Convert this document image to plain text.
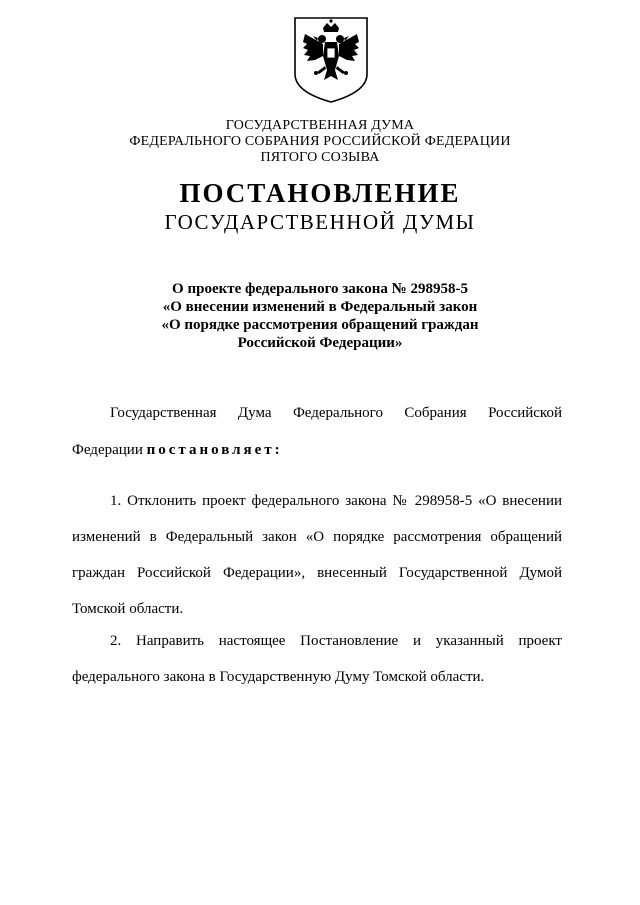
ГОСУДАРСТВЕННАЯ ДУМА
ФЕДЕРАЛЬНОГО СОБРАНИЯ РОССИЙСКОЙ ФЕДЕРАЦИИ
ПЯТОГО СОЗЫВА
ПОСТАНОВЛЕНИЕ
ГОСУДАРСТВЕННОЙ ДУМЫ
О проекте федерального закона № 298958-5
«О внесении изменений в Федеральный закон
«О порядке рассмотрения обращений граждан
Российской Федерации»
Государственная Дума Федерального Собрания Российской
Федерации постановляет:
1. Отклонить проект федерального закона № 298958-5 «О внесении
изменений в Федеральный закон «О порядке рассмотрения обращений
граждан Российской Федерации», внесенный Государственной Думой
Томской области.
2. Направить настоящее Постановление и указанный проект
федерального закона в Государственную Думу Томской области.
